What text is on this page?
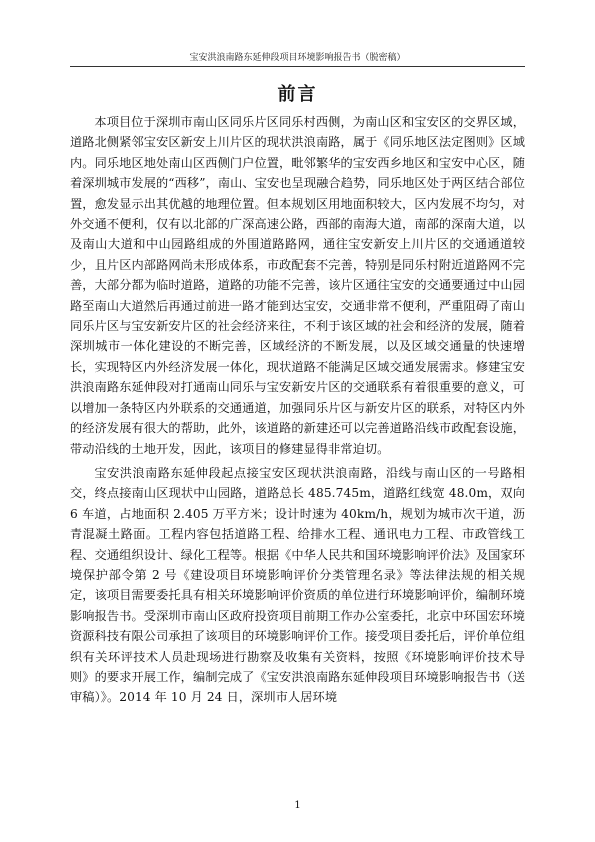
宝安洪浪南路东延伸段项目环境影响报告书（脱密稿）
前言

本项目位于深圳市南山区同乐片区同乐村西侧，为南山区和宝安区的交界区域，道路北侧紧邻宝安区新安上川片区的现状洪浪南路，属于《同乐地区法定图则》区域内。同乐地区地处南山区西侧门户位置，毗邻繁华的宝安西乡地区和宝安中心区，随着深圳城市发展的“西移”，南山、宝安也呈现融合趋势，同乐地区处于两区结合部位置，愈发显示出其优越的地理位置。但本规划区用地面积较大，区内发展不均匀，对外交通不便利，仅有以北部的广深高速公路，西部的南海大道，南部的深南大道，以及南山大道和中山园路组成的外围道路路网，通往宝安新安上川片区的交通通道较少，且片区内部路网尚未形成体系，市政配套不完善，特别是同乐村附近道路网不完善，大部分都为临时道路，道路的功能不完善，该片区通往宝安的交通要通过中山园路至南山大道然后再通过前进一路才能到达宝安，交通非常不便利，严重阻碍了南山同乐片区与宝安新安片区的社会经济来往，不利于该区域的社会和经济的发展，随着深圳城市一体化建设的不断完善，区域经济的不断发展，以及区域交通量的快速增长，实现特区内外经济发展一体化，现状道路不能满足区域交通发展需求。修建宝安洪浪南路东延伸段对打通南山同乐与宝安新安片区的交通联系有着很重要的意义，可以增加一条特区内外联系的交通通道，加强同乐片区与新安片区的联系，对特区内外的经济发展有很大的帮助，此外，该道路的新建还可以完善道路沿线市政配套设施，带动沿线的土地开发，因此，该项目的修建显得非常迫切。

宝安洪浪南路东延伸段起点接宝安区现状洪浪南路，沿线与南山区的一号路相交，终点接南山区现状中山园路，道路总长 485.745m，道路红线宽 48.0m，双向 6 车道，占地面积 2.405 万平方米；设计时速为 40km/h，规划为城市次干道，沥青混凝土路面。工程内容包括道路工程、给排水工程、通讯电力工程、市政管线工程、交通组织设计、绿化工程等。根据《中华人民共和国环境影响评价法》及国家环境保护部令第 2 号《建设项目环境影响评价分类管理名录》等法律法规的相关规定，该项目需要委托具有相关环境影响评价资质的单位进行环境影响评价，编制环境影响报告书。受深圳市南山区政府投资项目前期工作办公室委托，北京中环国宏环境资源科技有限公司承担了该项目的环境影响评价工作。接受项目委托后，评价单位组织有关环评技术人员赴现场进行勘察及收集有关资料，按照《环境影响评价技术导则》的要求开展工作，编制完成了《宝安洪浪南路东延伸段项目环境影响报告书（送审稿）》。2014 年 10 月 24 日，深圳市人居环境

1
